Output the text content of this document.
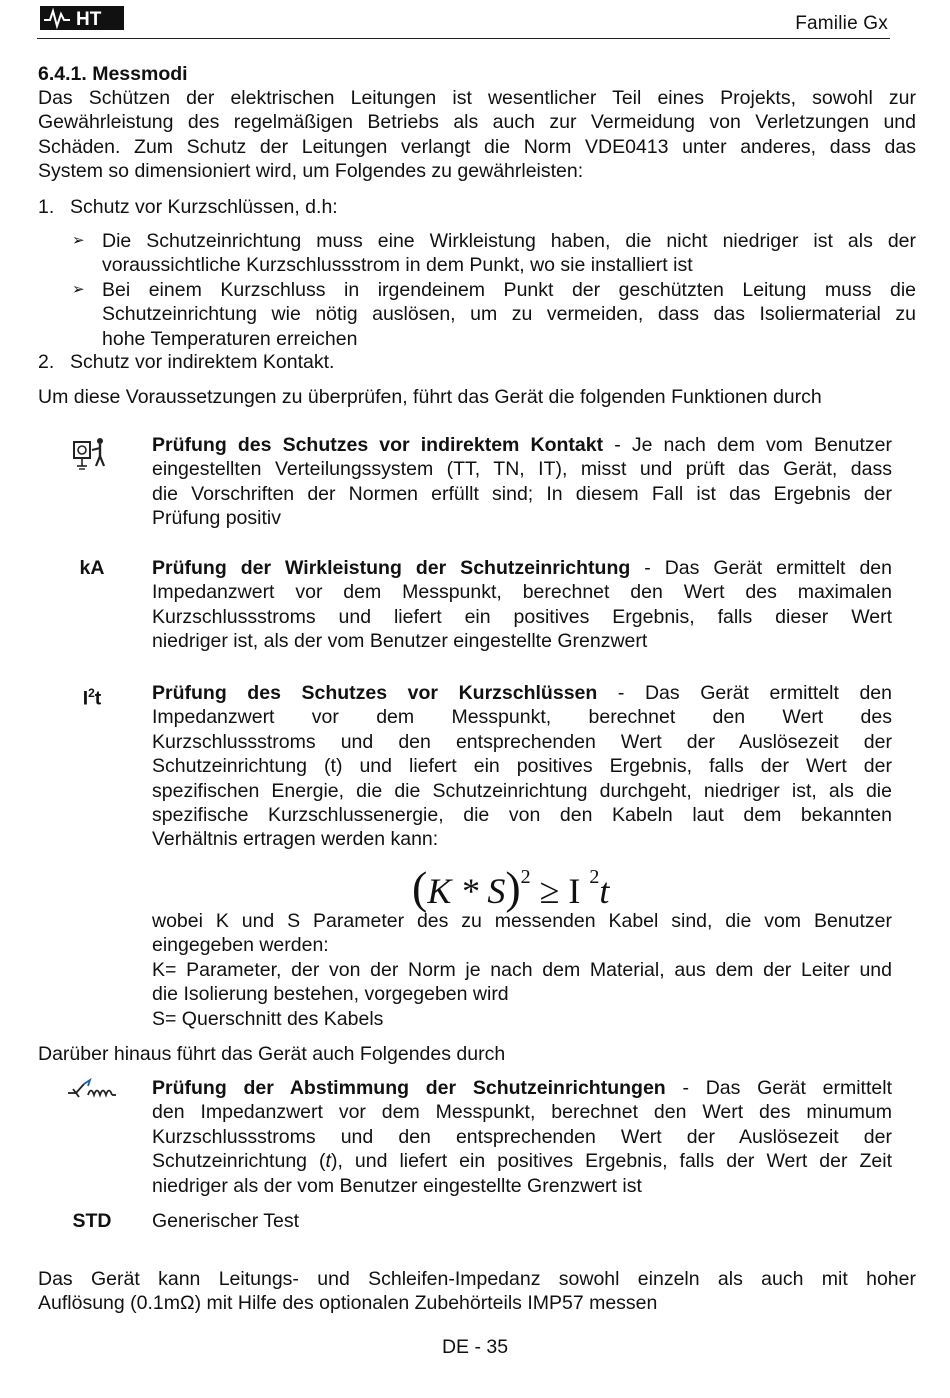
HT	Familie Gx
6.4.1. Messmodi
Das Schützen der elektrischen Leitungen ist wesentlicher Teil eines Projekts, sowohl zur
Gewährleistung des regelmäßigen Betriebs als auch zur Vermeidung von Verletzungen und
Schäden. Zum Schutz der Leitungen verlangt die Norm VDE0413 unter anderes, dass das
System so dimensioniert wird, um Folgendes zu gewährleisten:
1. Schutz vor Kurzschlüssen, d.h:
➢ Die Schutzeinrichtung muss eine Wirkleistung haben, die nicht niedriger ist als der
voraussichtliche Kurzschlussstrom in dem Punkt, wo sie installiert ist
➢ Bei einem Kurzschluss in irgendeinem Punkt der geschützten Leitung muss die
Schutzeinrichtung wie nötig auslösen, um zu vermeiden, dass das Isoliermaterial zu
hohe Temperaturen erreichen
2. Schutz vor indirektem Kontakt.
Um diese Voraussetzungen zu überprüfen, führt das Gerät die folgenden Funktionen durch
Prüfung des Schutzes vor indirektem Kontakt - Je nach dem vom Benutzer
eingestellten Verteilungssystem (TT, TN, IT), misst und prüft das Gerät, dass
die Vorschriften der Normen erfüllt sind; In diesem Fall ist das Ergebnis der
Prüfung positiv
kA	Prüfung der Wirkleistung der Schutzeinrichtung - Das Gerät ermittelt den
Impedanzwert vor dem Messpunkt, berechnet den Wert des maximalen
Kurzschlussstroms und liefert ein positives Ergebnis, falls dieser Wert
niedriger ist, als der vom Benutzer eingestellte Grenzwert
$I^2t$	Prüfung des Schutzes vor Kurzschlüssen - Das Gerät ermittelt den
Impedanzwert vor dem Messpunkt, berechnet den Wert des
Kurzschlussstroms und den entsprechenden Wert der Auslösezeit der
Schutzeinrichtung (t) und liefert ein positives Ergebnis, falls der Wert der
spezifischen Energie, die die Schutzeinrichtung durchgeht, niedriger ist, als die
spezifische Kurzschlussenergie, die von den Kabeln laut dem bekannten
Verhältnis ertragen werden kann:
(K * S)$^2$ ≥ I $^2$t
wobei K und S Parameter des zu messenden Kabel sind, die vom Benutzer
eingegeben werden:
K= Parameter, der von der Norm je nach dem Material, aus dem der Leiter und
die Isolierung bestehen, vorgegeben wird
S= Querschnitt des Kabels
Darüber hinaus führt das Gerät auch Folgendes durch
Prüfung der Abstimmung der Schutzeinrichtungen - Das Gerät ermittelt
den Impedanzwert vor dem Messpunkt, berechnet den Wert des minumum
Kurzschlussstroms und den entsprechenden Wert der Auslösezeit der
Schutzeinrichtung (t), und liefert ein positives Ergebnis, falls der Wert der Zeit
niedriger als der vom Benutzer eingestellte Grenzwert ist
STD	Generischer Test
Das Gerät kann Leitungs- und Schleifen-Impedanz sowohl einzeln als auch mit hoher
Auflösung (0.1mΩ) mit Hilfe des optionalen Zubehörteils IMP57 messen
DE - 35
